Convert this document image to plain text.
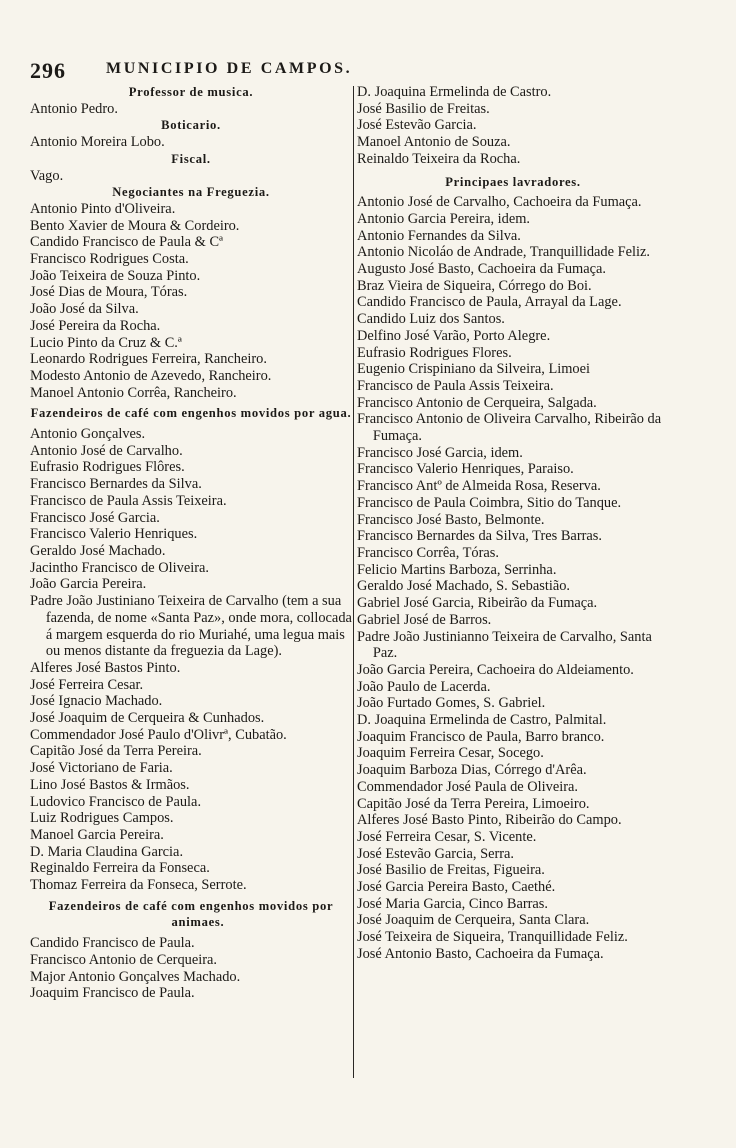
296	MUNICIPIO DE CAMPOS.
Professor de musica.
Antonio Pedro.
Boticario.
Antonio Moreira Lobo.
Fiscal.
Vago.
Negociantes na Freguezia.
Antonio Pinto d'Oliveira.
Bento Xavier de Moura & Cordeiro.
Candido Francisco de Paula & Cª
Francisco Rodrigues Costa.
João Teixeira de Souza Pinto.
José Dias de Moura, Tóras.
João José da Silva.
José Pereira da Rocha.
Lucio Pinto da Cruz & C.ª
Leonardo Rodrigues Ferreira, Rancheiro.
Modesto Antonio de Azevedo, Rancheiro.
Manoel Antonio Corrêa, Rancheiro.
Fazendeiros de café com engenhos movidos por agua.
Antonio Gonçalves.
Antonio José de Carvalho.
Eufrasio Rodrigues Flôres.
Francisco Bernardes da Silva.
Francisco de Paula Assis Teixeira.
Francisco José Garcia.
Francisco Valerio Henriques.
Geraldo José Machado.
Jacintho Francisco de Oliveira.
João Garcia Pereira.
Padre João Justiniano Teixeira de Carvalho (tem a sua fazenda, de nome «Santa Paz», onde mora, collocada á margem esquerda do rio Muriahé, uma legua mais ou menos distante da freguezia da Lage).
Alferes José Bastos Pinto.
José Ferreira Cesar.
José Ignacio Machado.
José Joaquim de Cerqueira & Cunhados.
Commendador José Paulo d'Olivrª, Cubatão.
Capitão José da Terra Pereira.
José Victoriano de Faria.
Lino José Bastos & Irmãos.
Ludovico Francisco de Paula.
Luiz Rodrigues Campos.
Manoel Garcia Pereira.
D. Maria Claudina Garcia.
Reginaldo Ferreira da Fonseca.
Thomaz Ferreira da Fonseca, Serrote.
Fazendeiros de café com engenhos movidos por animaes.
Candido Francisco de Paula.
Francisco Antonio de Cerqueira.
Major Antonio Gonçalves Machado.
Joaquim Francisco de Paula.
D. Joaquina Ermelinda de Castro.
José Basilio de Freitas.
José Estevão Garcia.
Manoel Antonio de Souza.
Reinaldo Teixeira da Rocha.
Principaes lavradores.
Antonio José de Carvalho, Cachoeira da Fumaça.
Antonio Garcia Pereira, idem.
Antonio Fernandes da Silva.
Antonio Nicoláo de Andrade, Tranquillidade Feliz.
Augusto José Basto, Cachoeira da Fumaça.
Braz Vieira de Siqueira, Córrego do Boi.
Candido Francisco de Paula, Arrayal da Lage.
Candido Luiz dos Santos.
Delfino José Varão, Porto Alegre.
Eufrasio Rodrigues Flores.
Eugenio Crispiniano da Silveira, Limoei
Francisco de Paula Assis Teixeira.
Francisco Antonio de Cerqueira, Salgada.
Francisco Antonio de Oliveira Carvalho, Ribeirão da Fumaça.
Francisco José Garcia, idem.
Francisco Valerio Henriques, Paraiso.
Francisco Antº de Almeida Rosa, Reserva.
Francisco de Paula Coimbra, Sitio do Tanque.
Francisco José Basto, Belmonte.
Francisco Bernardes da Silva, Tres Barras.
Francisco Corrêa, Tóras.
Felicio Martins Barboza, Serrinha.
Geraldo José Machado, S. Sebastião.
Gabriel José Garcia, Ribeirão da Fumaça.
Gabriel José de Barros.
Padre João Justinianno Teixeira de Carvalho, Santa Paz.
João Garcia Pereira, Cachoeira do Aldeiamento.
João Paulo de Lacerda.
João Furtado Gomes, S. Gabriel.
D. Joaquina Ermelinda de Castro, Palmital.
Joaquim Francisco de Paula, Barro branco.
Joaquim Ferreira Cesar, Socego.
Joaquim Barboza Dias, Córrego d'Arêa.
Commendador José Paula de Oliveira.
Capitão José da Terra Pereira, Limoeiro.
Alferes José Basto Pinto, Ribeirão do Campo.
José Ferreira Cesar, S. Vicente.
José Estevão Garcia, Serra.
José Basilio de Freitas, Figueira.
José Garcia Pereira Basto, Caethé.
José Maria Garcia, Cinco Barras.
José Joaquim de Cerqueira, Santa Clara.
José Teixeira de Siqueira, Tranquillidade Feliz.
José Antonio Basto, Cachoeira da Fumaça.
